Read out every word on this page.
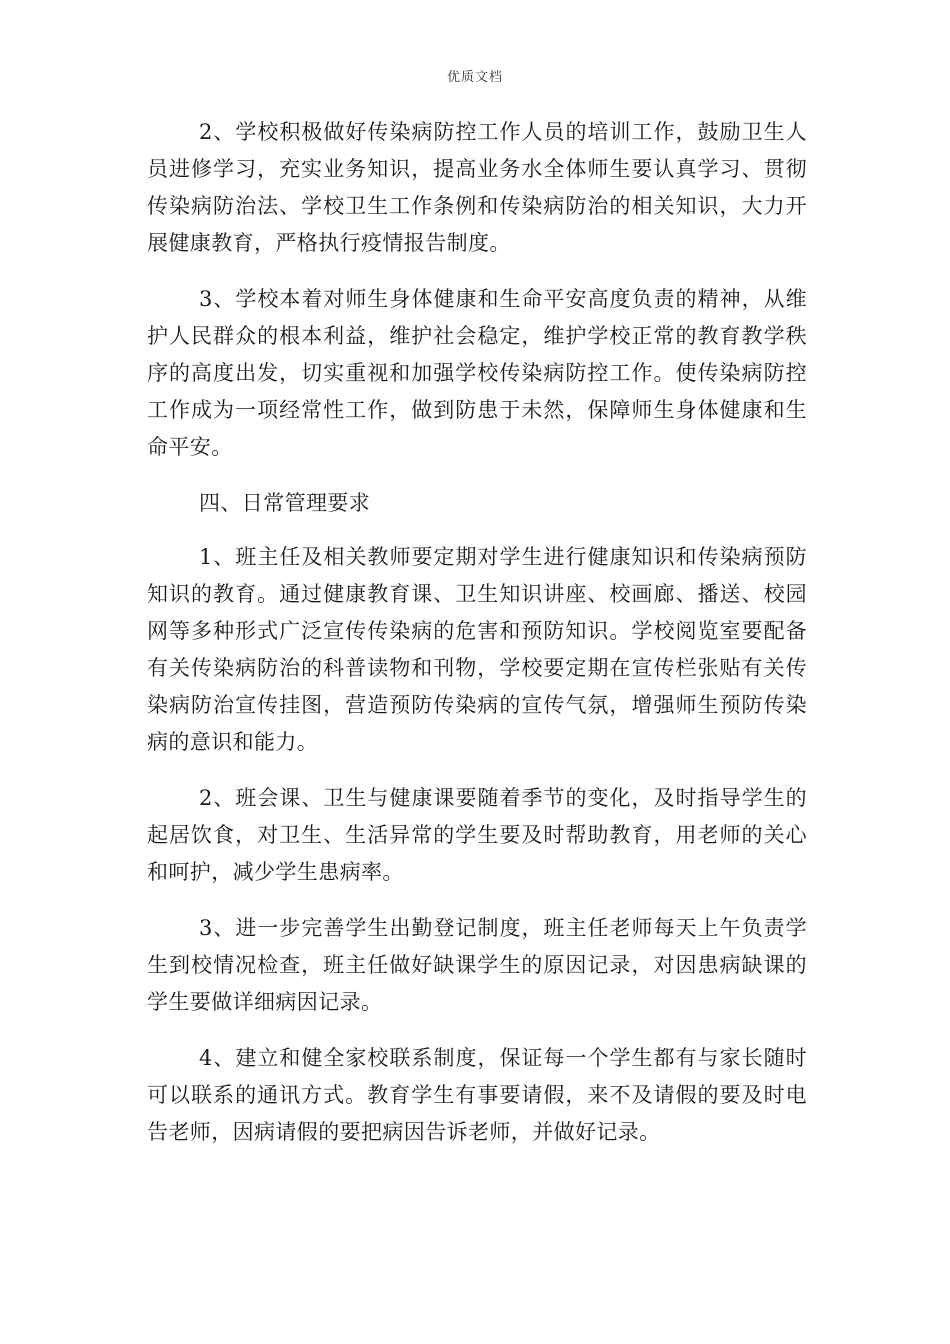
优质文档

2、学校积极做好传染病防控工作人员的培训工作，鼓励卫生人员进修学习，充实业务知识，提高业务水全体师生要认真学习、贯彻传染病防治法、学校卫生工作条例和传染病防治的相关知识，大力开展健康教育，严格执行疫情报告制度。

3、学校本着对师生身体健康和生命平安高度负责的精神，从维护人民群众的根本利益，维护社会稳定，维护学校正常的教育教学秩序的高度出发，切实重视和加强学校传染病防控工作。使传染病防控工作成为一项经常性工作，做到防患于未然，保障师生身体健康和生命平安。

四、日常管理要求

1、班主任及相关教师要定期对学生进行健康知识和传染病预防知识的教育。通过健康教育课、卫生知识讲座、校画廊、播送、校园网等多种形式广泛宣传传染病的危害和预防知识。学校阅览室要配备有关传染病防治的科普读物和刊物，学校要定期在宣传栏张贴有关传染病防治宣传挂图，营造预防传染病的宣传气氛，增强师生预防传染病的意识和能力。

2、班会课、卫生与健康课要随着季节的变化，及时指导学生的起居饮食，对卫生、生活异常的学生要及时帮助教育，用老师的关心和呵护，减少学生患病率。

3、进一步完善学生出勤登记制度，班主任老师每天上午负责学生到校情况检查，班主任做好缺课学生的原因记录，对因患病缺课的学生要做详细病因记录。

4、建立和健全家校联系制度，保证每一个学生都有与家长随时可以联系的通讯方式。教育学生有事要请假，来不及请假的要及时电告老师，因病请假的要把病因告诉老师，并做好记录。
